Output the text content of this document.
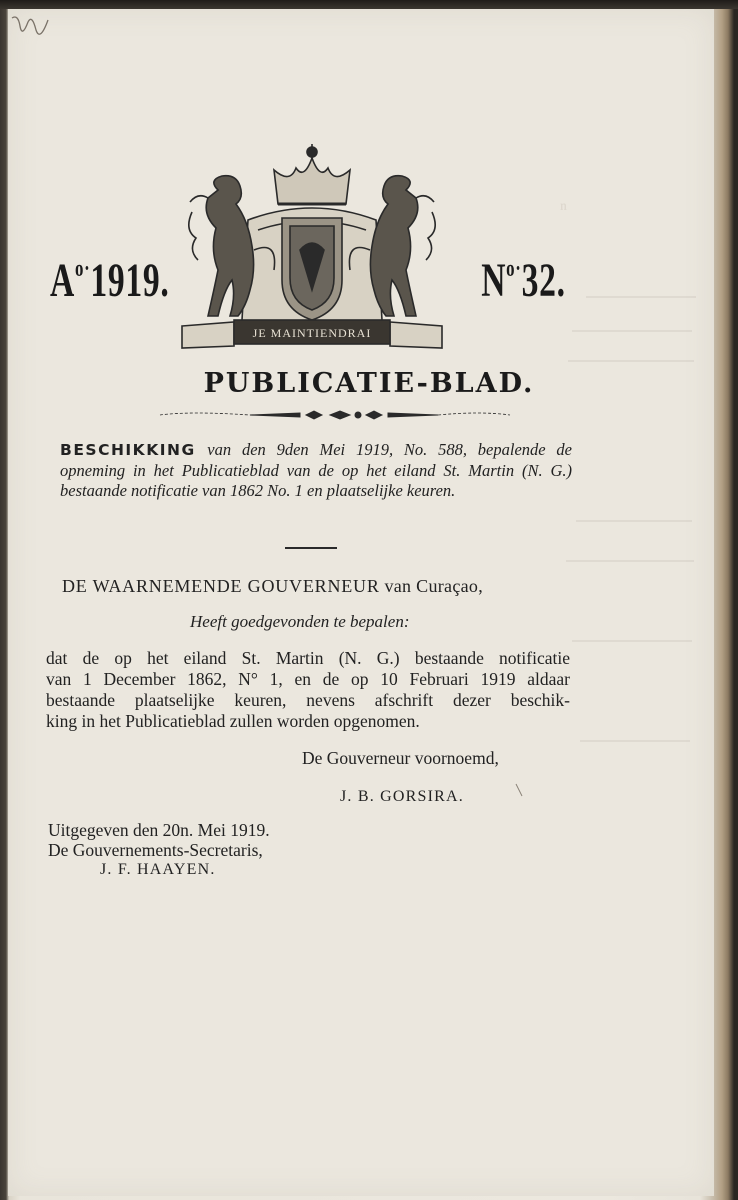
ⁿ
$A^{o\cdot}1919$.	$N^{o\cdot}32$.
JE MAINTIENDRAI
PUBLICATIE-BLAD.
BESCHIKKING van den 9den Mei 1919, No. 588, bepalende de opneming in het Publicatieblad van de op het eiland St. Martin (N. G.) bestaande notificatie van 1862 No. 1 en plaatselijke keuren.
DE WAARNEMENDE GOUVERNEUR van Curaçao,
Heeft goedgevonden te bepalen:
dat de op het eiland St. Martin (N. G.) bestaande notificatie
van 1 December 1862, N° 1, en de op 10 Februari 1919 aldaar
bestaande plaatselijke keuren, nevens afschrift dezer beschik-
king in het Publicatieblad zullen worden opgenomen.
De Gouverneur voornoemd,
J. B. GORSIRA.
Uitgegeven den 20n. Mei 1919.
De Gouvernements-Secretaris,
J. F. HAAYEN.
